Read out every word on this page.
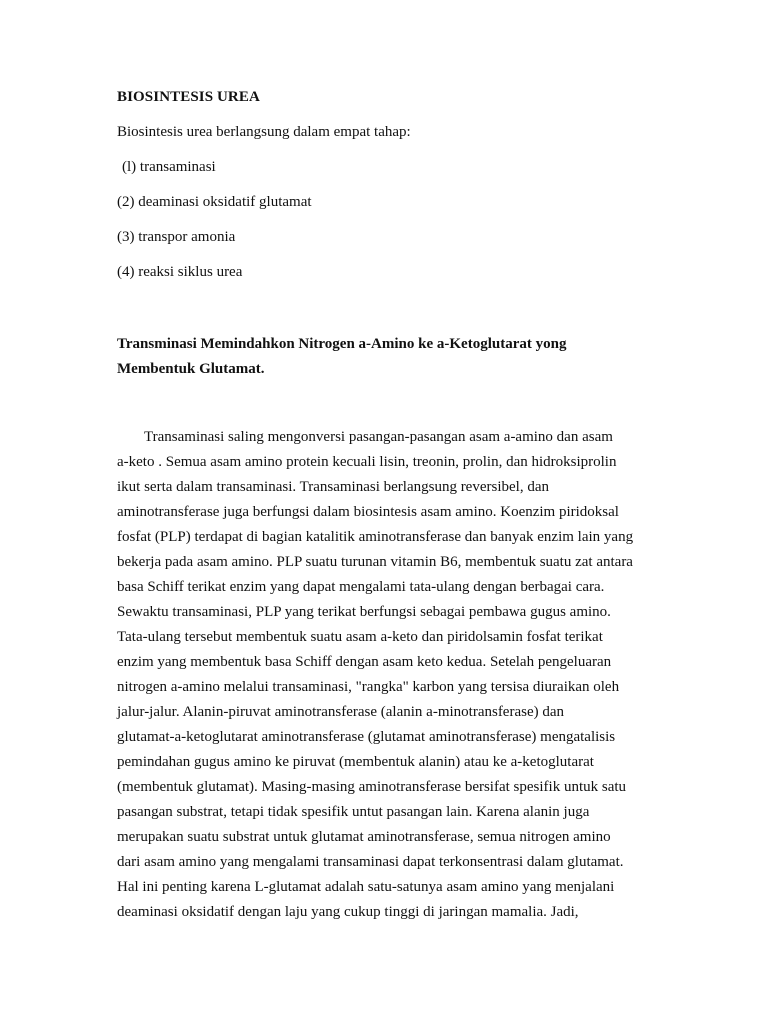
BIOSINTESIS UREA

Biosintesis urea berlangsung dalam empat tahap:

(l) transaminasi

(2) deaminasi oksidatif glutamat

(3) transpor amonia

(4) reaksi siklus urea

Transminasi Memindahkon Nitrogen a-Amino ke a-Ketoglutarat yong
Membentuk Glutamat.
Transaminasi saling mengonversi pasangan-pasangan asam a-amino dan asam
a-keto . Semua asam amino protein kecuali lisin, treonin, prolin, dan hidroksiprolin
ikut serta dalam transaminasi. Transaminasi berlangsung reversibel, dan
aminotransferase juga berfungsi dalam biosintesis asam amino. Koenzim piridoksal
fosfat (PLP) terdapat di bagian katalitik aminotransferase dan banyak enzim lain yang
bekerja pada asam amino. PLP suatu turunan vitamin B6, membentuk suatu zat antara
basa Schiff terikat enzim yang dapat mengalami tata-ulang dengan berbagai cara.
Sewaktu transaminasi, PLP yang terikat berfungsi sebagai pembawa gugus amino.
Tata-ulang tersebut membentuk suatu asam a-keto dan piridolsamin fosfat terikat
enzim yang membentuk basa Schiff dengan asam keto kedua. Setelah pengeluaran
nitrogen a-amino melalui transaminasi, "rangka" karbon yang tersisa diuraikan oleh
jalur-jalur. Alanin-piruvat aminotransferase (alanin a-minotransferase) dan
glutamat-a-ketoglutarat aminotransferase (glutamat aminotransferase) mengatalisis
pemindahan gugus amino ke piruvat (membentuk alanin) atau ke a-ketoglutarat
(membentuk glutamat). Masing-masing aminotransferase bersifat spesifik untuk satu
pasangan substrat, tetapi tidak spesifik untut pasangan lain. Karena alanin juga
merupakan suatu substrat untuk glutamat aminotransferase, semua nitrogen amino
dari asam amino yang mengalami transaminasi dapat terkonsentrasi dalam glutamat.
Hal ini penting karena L-glutamat adalah satu-satunya asam amino yang menjalani
deaminasi oksidatif dengan laju yang cukup tinggi di jaringan mamalia. Jadi,
